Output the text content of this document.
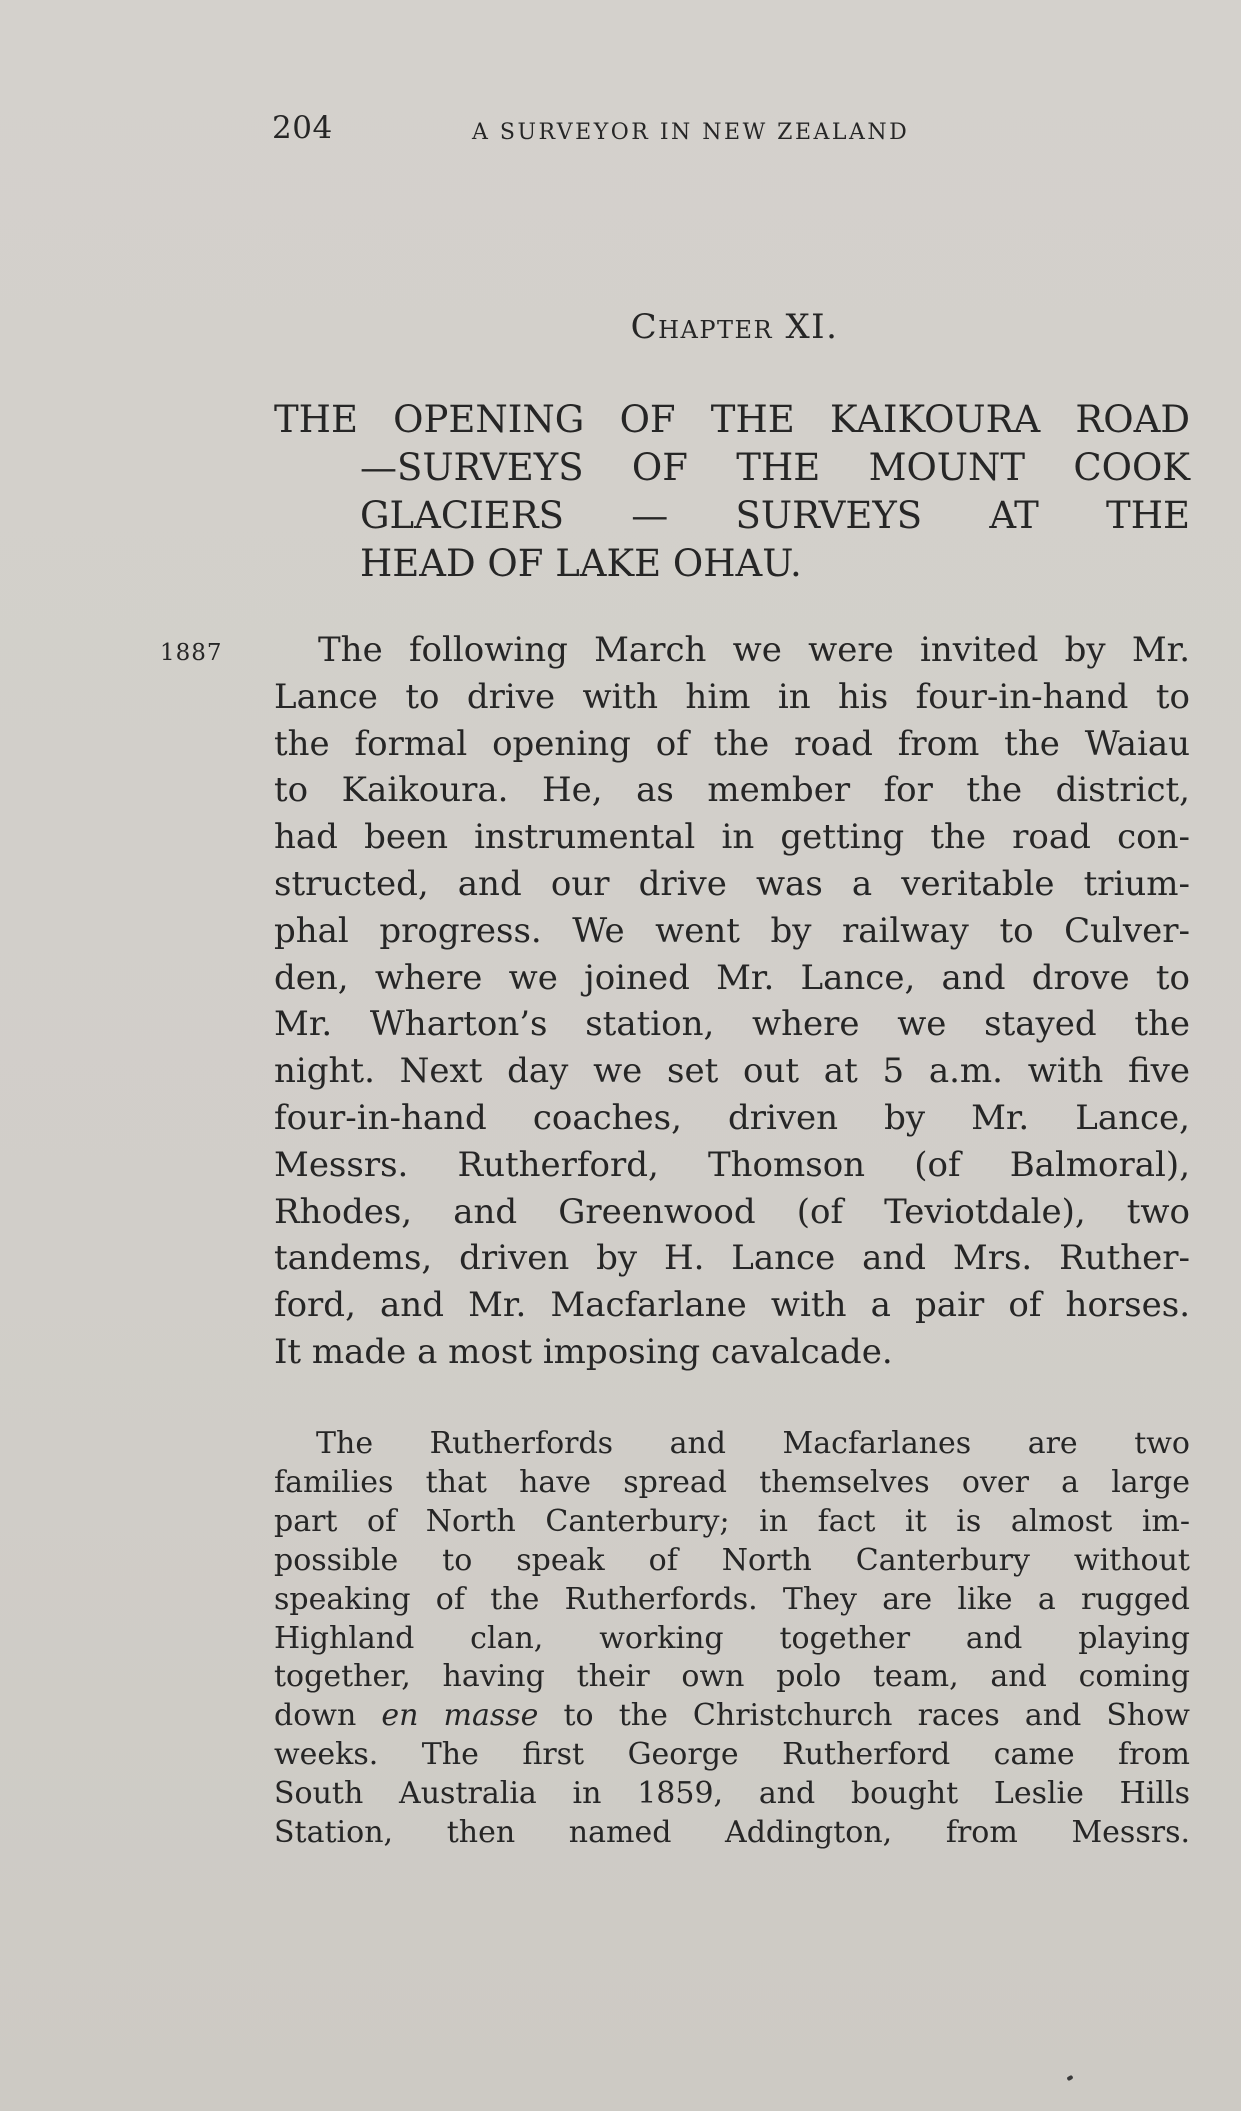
204	A SURVEYOR IN NEW ZEALAND
Chapter XI.
THE OPENING OF THE KAIKOURA ROAD
—SURVEYS OF THE MOUNT COOK
GLACIERS — SURVEYS AT THE
HEAD OF LAKE OHAU.
1887	The following March we were invited by Mr.
Lance to drive with him in his four-in-hand to
the formal opening of the road from the Waiau
to Kaikoura. He, as member for the district,
had been instrumental in getting the road con-
structed, and our drive was a veritable trium-
phal progress. We went by railway to Culver-
den, where we joined Mr. Lance, and drove to
Mr. Wharton’s station, where we stayed the
night. Next day we set out at 5 a.m. with five
four-in-hand coaches, driven by Mr. Lance,
Messrs. Rutherford, Thomson (of Balmoral),
Rhodes, and Greenwood (of Teviotdale), two
tandems, driven by H. Lance and Mrs. Ruther-
ford, and Mr. Macfarlane with a pair of horses.
It made a most imposing cavalcade.
The Rutherfords and Macfarlanes are two
families that have spread themselves over a large
part of North Canterbury; in fact it is almost im-
possible to speak of North Canterbury without
speaking of the Rutherfords. They are like a rugged
Highland clan, working together and playing
together, having their own polo team, and coming
down en masse to the Christchurch races and Show
weeks. The first George Rutherford came from
South Australia in 1859, and bought Leslie Hills
Station, then named Addington, from Messrs.
